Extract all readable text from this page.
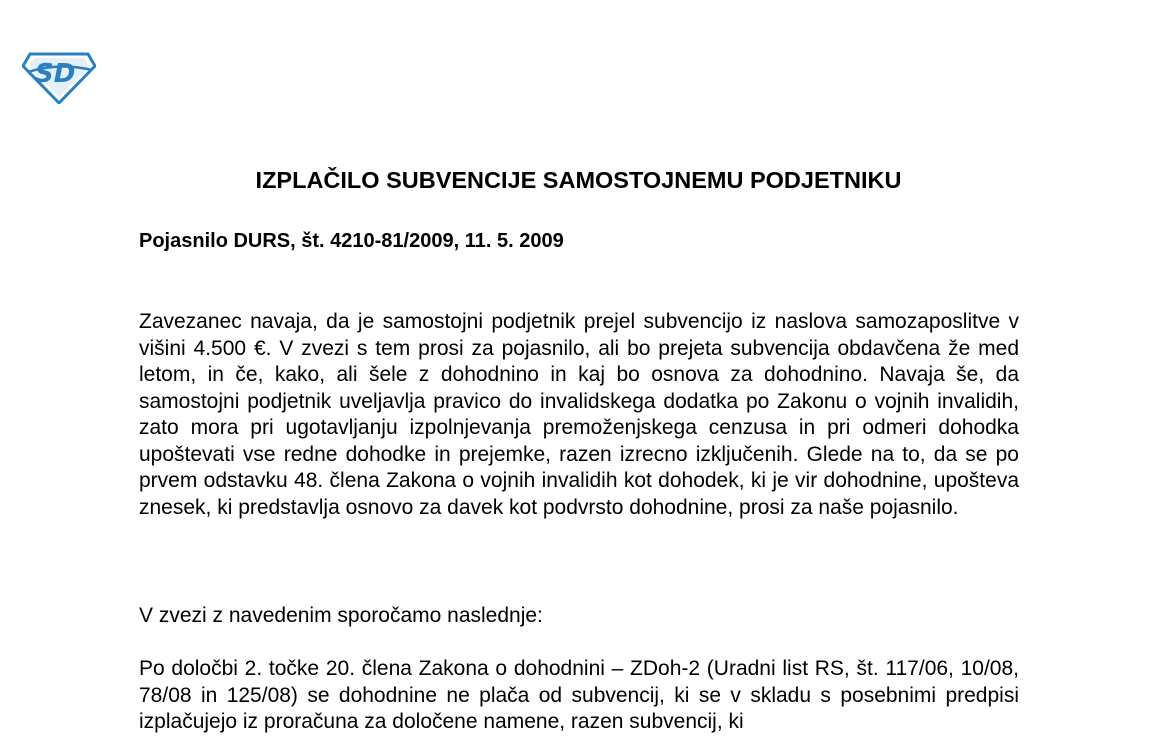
SD
IZPLAČILO SUBVENCIJE SAMOSTOJNEMU PODJETNIKU
Pojasnilo DURS, št. 4210-81/2009, 11. 5. 2009

Zavezanec navaja, da je samostojni podjetnik prejel subvencijo iz naslova samozaposlitve v višini 4.500 €. V zvezi s tem prosi za pojasnilo, ali bo prejeta subvencija obdavčena že med letom, in če, kako, ali šele z dohodnino in kaj bo osnova za dohodnino. Navaja še, da samostojni podjetnik uveljavlja pravico do invalidskega dodatka po Zakonu o vojnih invalidih, zato mora pri ugotavljanju izpolnjevanja premoženjskega cenzusa in pri odmeri dohodka upoštevati vse redne dohodke in prejemke, razen izrecno izključenih. Glede na to, da se po prvem odstavku 48. člena Zakona o vojnih invalidih kot dohodek, ki je vir dohodnine, upošteva znesek, ki predstavlja osnovo za davek kot podvrsto dohodnine, prosi za naše pojasnilo.

V zvezi z navedenim sporočamo naslednje:

Po določbi 2. točke 20. člena Zakona o dohodnini – ZDoh-2 (Uradni list RS, št. 117/06, 10/08, 78/08 in 125/08) se dohodnine ne plača od subvencij, ki se v skladu s posebnimi predpisi izplačujejo iz proračuna za določene namene, razen subvencij, ki
